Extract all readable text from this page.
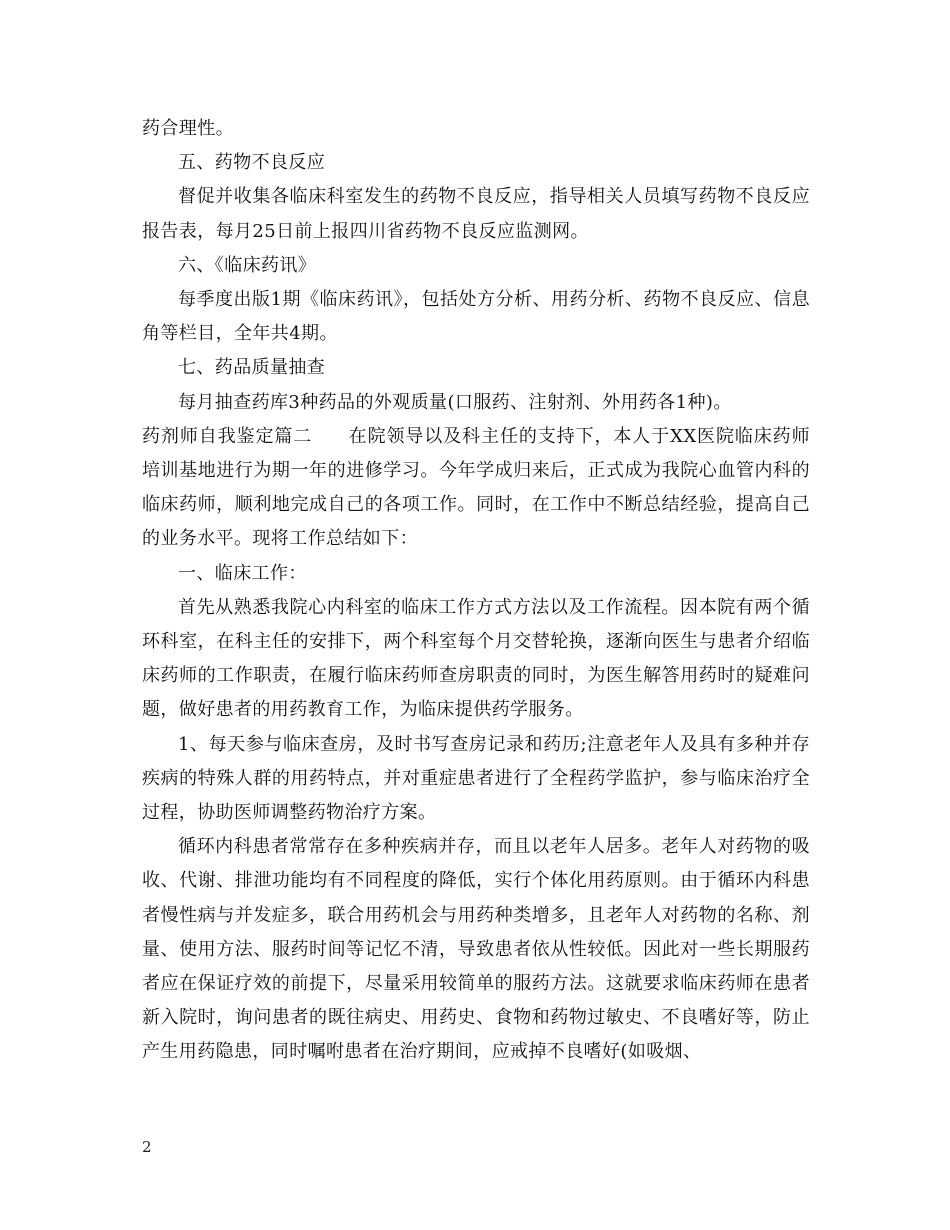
药合理性。

五、药物不良反应

督促并收集各临床科室发生的药物不良反应，指导相关人员填写药物不良反应报告表，每月25日前上报四川省药物不良反应监测网。

六、《临床药讯》

每季度出版1期《临床药讯》，包括处方分析、用药分析、药物不良反应、信息角等栏目，全年共4期。

七、药品质量抽查

每月抽查药库3种药品的外观质量(口服药、注射剂、外用药各1种)。

药剂师自我鉴定篇二 在院领导以及科主任的支持下，本人于XX医院临床药师培训基地进行为期一年的进修学习。今年学成归来后，正式成为我院心血管内科的临床药师，顺利地完成自己的各项工作。同时，在工作中不断总结经验，提高自己的业务水平。现将工作总结如下：

一、临床工作：

首先从熟悉我院心内科室的临床工作方式方法以及工作流程。因本院有两个循环科室，在科主任的安排下，两个科室每个月交替轮换，逐渐向医生与患者介绍临床药师的工作职责，在履行临床药师查房职责的同时，为医生解答用药时的疑难问题，做好患者的用药教育工作，为临床提供药学服务。

1、每天参与临床查房，及时书写查房记录和药历;注意老年人及具有多种并存疾病的特殊人群的用药特点，并对重症患者进行了全程药学监护，参与临床治疗全过程，协助医师调整药物治疗方案。

循环内科患者常常存在多种疾病并存，而且以老年人居多。老年人对药物的吸收、代谢、排泄功能均有不同程度的降低，实行个体化用药原则。由于循环内科患者慢性病与并发症多，联合用药机会与用药种类增多，且老年人对药物的名称、剂量、使用方法、服药时间等记忆不清，导致患者依从性较低。因此对一些长期服药者应在保证疗效的前提下，尽量采用较简单的服药方法。这就要求临床药师在患者新入院时，询问患者的既往病史、用药史、食物和药物过敏史、不良嗜好等，防止产生用药隐患，同时嘱咐患者在治疗期间，应戒掉不良嗜好(如吸烟、

2
